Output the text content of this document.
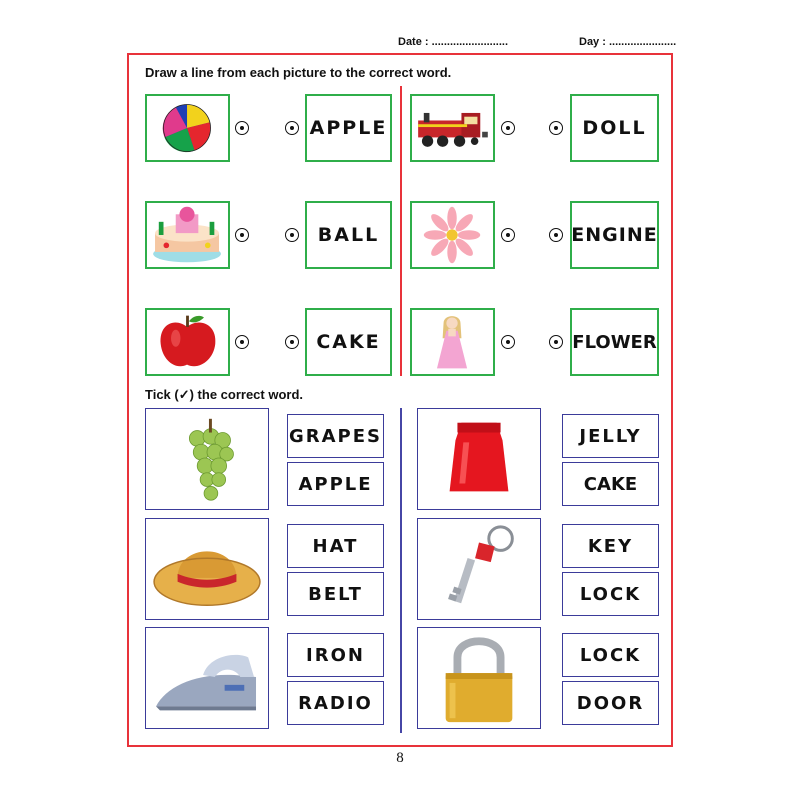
Date : .........................	Day : ......................
Draw a line from each picture to the correct word.
APPLE
BALL
CAKE
DOLL
ENGINE
FLOWER
Tick (✓) the correct word.
GRAPES
APPLE
HAT
BELT
IRON
RADIO
JELLY
CAKE
KEY
LOCK
LOCK
DOOR
8
